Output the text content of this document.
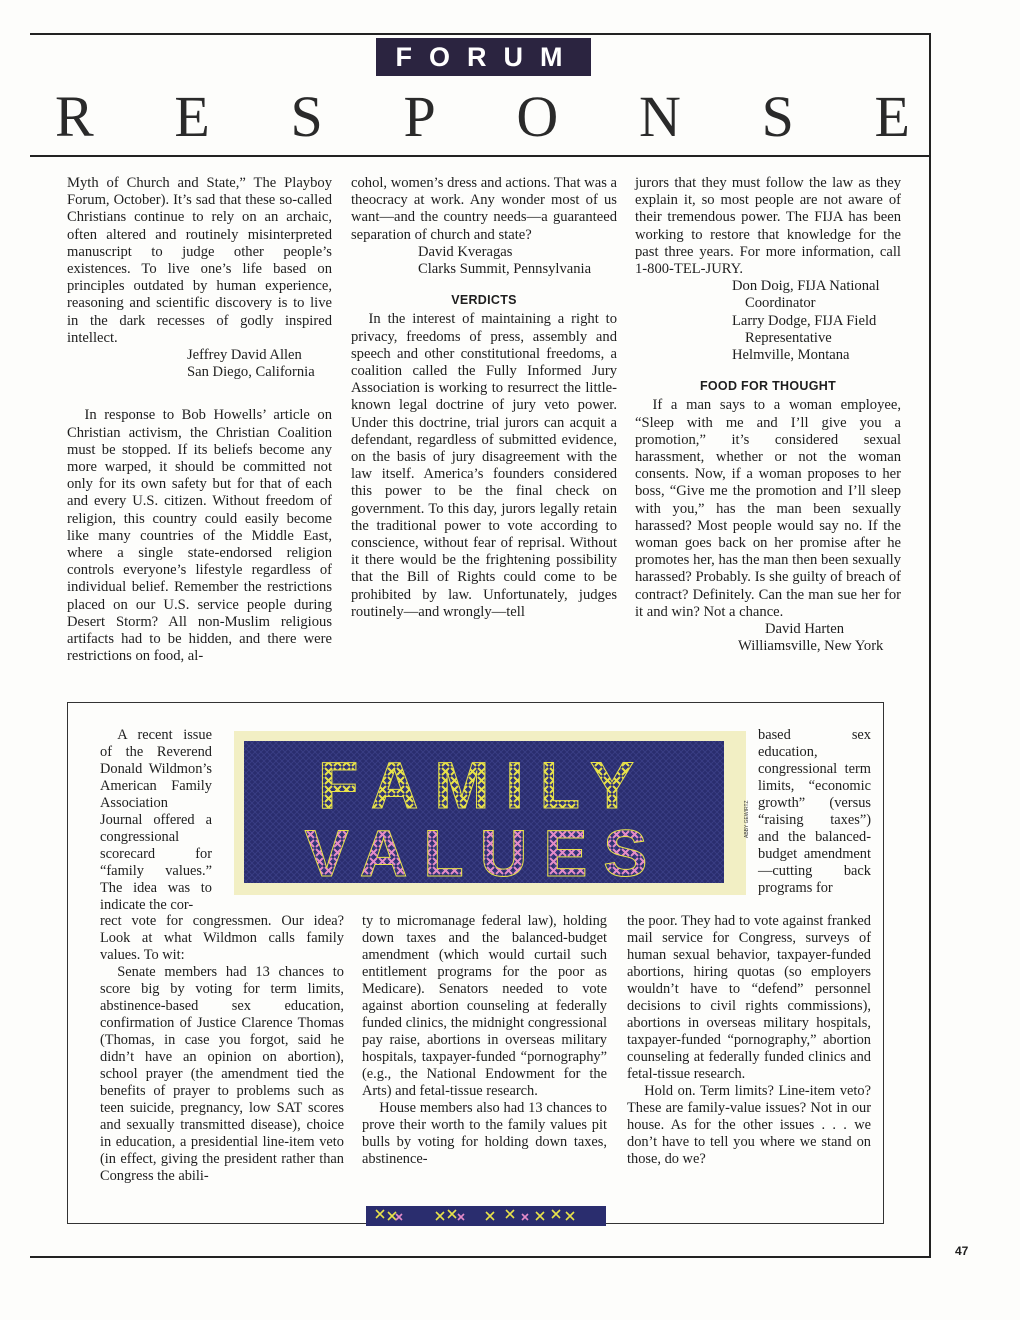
FORUM
R E S P O N S E

Myth of Church and State,” The Playboy Forum, October). It’s sad that these so-called Christians continue to rely on an archaic, often altered and routinely misinterpreted manuscript to judge other people’s existences. To live one’s life based on principles outdated by human experience, reasoning and scientific discovery is to live in the dark recesses of godly inspired intellect.

Jeffrey David Allen

San Diego, California

In response to Bob Howells’ article on Christian activism, the Christian Coalition must be stopped. If its beliefs become any more warped, it should be committed not only for its own safety but for that of each and every U.S. citizen. Without freedom of religion, this country could easily become like many countries of the Middle East, where a single state-endorsed religion controls everyone’s lifestyle regardless of individual belief. Remember the restrictions placed on our U.S. service people during Desert Storm? All non-Muslim religious artifacts had to be hidden, and there were restrictions on food, al-

cohol, women’s dress and actions. That was a theocracy at work. Any wonder most of us want—and the country needs—a guaranteed separation of church and state?

David Kveragas

Clarks Summit, Pennsylvania

VERDICTS

In the interest of maintaining a right to privacy, freedoms of press, assembly and speech and other constitutional freedoms, a coalition called the Fully Informed Jury Association is working to resurrect the little-known legal doctrine of jury veto power. Under this doctrine, trial jurors can acquit a defendant, regardless of submitted evidence, on the basis of jury disagreement with the law itself. America’s founders considered this power to be the final check on government. To this day, jurors legally retain the traditional power to vote according to conscience, without fear of reprisal. Without it there would be the frightening possibility that the Bill of Rights could come to be prohibited by law. Unfortunately, judges routinely—and wrongly—tell

jurors that they must follow the law as they explain it, so most people are not aware of their tremendous power. The FIJA has been working to restore that knowledge for the past three years. For more information, call 1-800-TEL-JURY.

Don Doig, FIJA National

Coordinator

Larry Dodge, FIJA Field

Representative

Helmville, Montana

FOOD FOR THOUGHT

If a man says to a woman employee, “Sleep with me and I’ll give you a promotion,” it’s considered sexual harassment, whether or not the woman consents. Now, if a woman proposes to her boss, “Give me the promotion and I’ll sleep with you,” has the man been sexually harassed? Most people would say no. If the woman goes back on her promise after he promotes her, has the man then been sexually harassed? Probably. Is she guilty of breach of contract? Definitely. Can the man sue her for it and win? Not a chance.

David Harten

Williamsville, New York

FAMILY
VALUES	ABBY GEWIRTZ

A recent issue of the Reverend Donald Wildmon’s American Family Association Journal offered a congressional scorecard for “family values.” The idea was to indicate the cor-

based sex education, congressional term limits, “economic growth” (versus “raising taxes”) and the balanced-budget amendment—cutting back programs for

rect vote for congressmen. Our idea? Look at what Wildmon calls family values. To wit:

Senate members had 13 chances to score big by voting for term limits, abstinence-based sex education, confirmation of Justice Clarence Thomas (Thomas, in case you forgot, said he didn’t have an opinion on abortion), school prayer (the amendment tied the benefits of prayer to problems such as teen suicide, pregnancy, low SAT scores and sexually transmitted disease), choice in education, a presidential line-item veto (in effect, giving the president rather than Congress the abili-

ty to micromanage federal law), holding down taxes and the balanced-budget amendment (which would curtail such entitlement programs for the poor as Medicare). Senators needed to vote against abortion counseling at federally funded clinics, the midnight congressional pay raise, abortions in overseas military hospitals, taxpayer-funded “pornography” (e.g., the National Endowment for the Arts) and fetal-tissue research.

House members also had 13 chances to prove their worth to the family values pit bulls by voting for holding down taxes, abstinence-

the poor. They had to vote against franked mail service for Congress, surveys of human sexual behavior, taxpayer-funded abortions, hiring quotas (so employers wouldn’t have to “defend” personnel decisions to civil rights commissions), abortions in overseas military hospitals, taxpayer-funded “pornography,” abortion counseling at federally funded clinics and fetal-tissue research.

Hold on. Term limits? Line-item veto? These are family-value issues? Not in our house. As for the other issues . . . we don’t have to tell you where we stand on those, do we?

47
